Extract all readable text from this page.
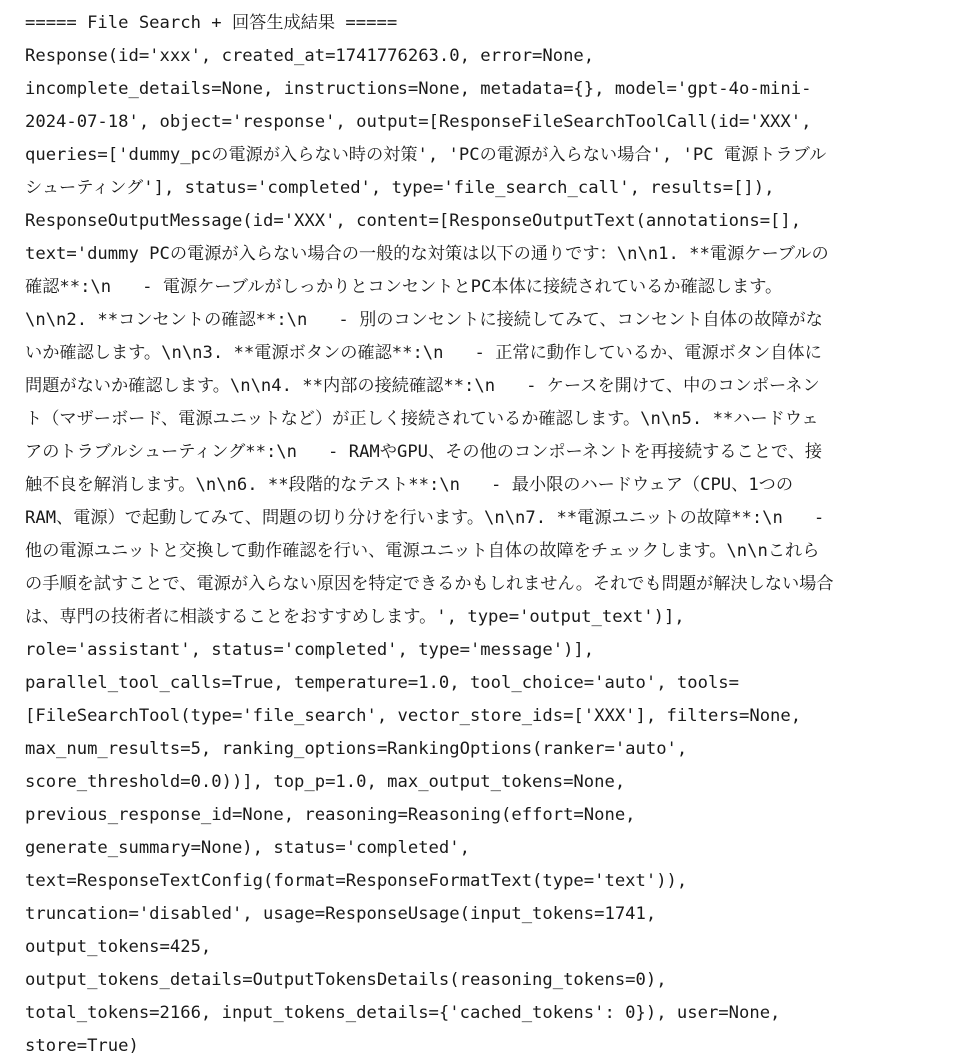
===== File Search + 回答生成結果 =====
Response(id='xxx', created_at=1741776263.0, error=None,
incomplete_details=None, instructions=None, metadata={}, model='gpt-4o-mini-
2024-07-18', object='response', output=[ResponseFileSearchToolCall(id='XXX',
queries=['dummy_pcの電源が入らない時の対策', 'PCの電源が入らない場合', 'PC 電源トラブル
シューティング'], status='completed', type='file_search_call', results=[]),
ResponseOutputMessage(id='XXX', content=[ResponseOutputText(annotations=[],
text='dummy PCの電源が入らない場合の一般的な対策は以下の通りです：\n\n1. **電源ケーブルの
確認**:\n   - 電源ケーブルがしっかりとコンセントとPC本体に接続されているか確認します。
\n\n2. **コンセントの確認**:\n   - 別のコンセントに接続してみて、コンセント自体の故障がな
いか確認します。\n\n3. **電源ボタンの確認**:\n   - 正常に動作しているか、電源ボタン自体に
問題がないか確認します。\n\n4. **内部の接続確認**:\n   - ケースを開けて、中のコンポーネン
ト（マザーボード、電源ユニットなど）が正しく接続されているか確認します。\n\n5. **ハードウェ
アのトラブルシューティング**:\n   - RAMやGPU、その他のコンポーネントを再接続することで、接
触不良を解消します。\n\n6. **段階的なテスト**:\n   - 最小限のハードウェア（CPU、1つの
RAM、電源）で起動してみて、問題の切り分けを行います。\n\n7. **電源ユニットの故障**:\n   -
他の電源ユニットと交換して動作確認を行い、電源ユニット自体の故障をチェックします。\n\nこれら
の手順を試すことで、電源が入らない原因を特定できるかもしれません。それでも問題が解決しない場合
は、専門の技術者に相談することをおすすめします。', type='output_text')],
role='assistant', status='completed', type='message')],
parallel_tool_calls=True, temperature=1.0, tool_choice='auto', tools=
[FileSearchTool(type='file_search', vector_store_ids=['XXX'], filters=None,
max_num_results=5, ranking_options=RankingOptions(ranker='auto',
score_threshold=0.0))], top_p=1.0, max_output_tokens=None,
previous_response_id=None, reasoning=Reasoning(effort=None,
generate_summary=None), status='completed',
text=ResponseTextConfig(format=ResponseFormatText(type='text')),
truncation='disabled', usage=ResponseUsage(input_tokens=1741,
output_tokens=425,
output_tokens_details=OutputTokensDetails(reasoning_tokens=0),
total_tokens=2166, input_tokens_details={'cached_tokens': 0}), user=None,
store=True)
